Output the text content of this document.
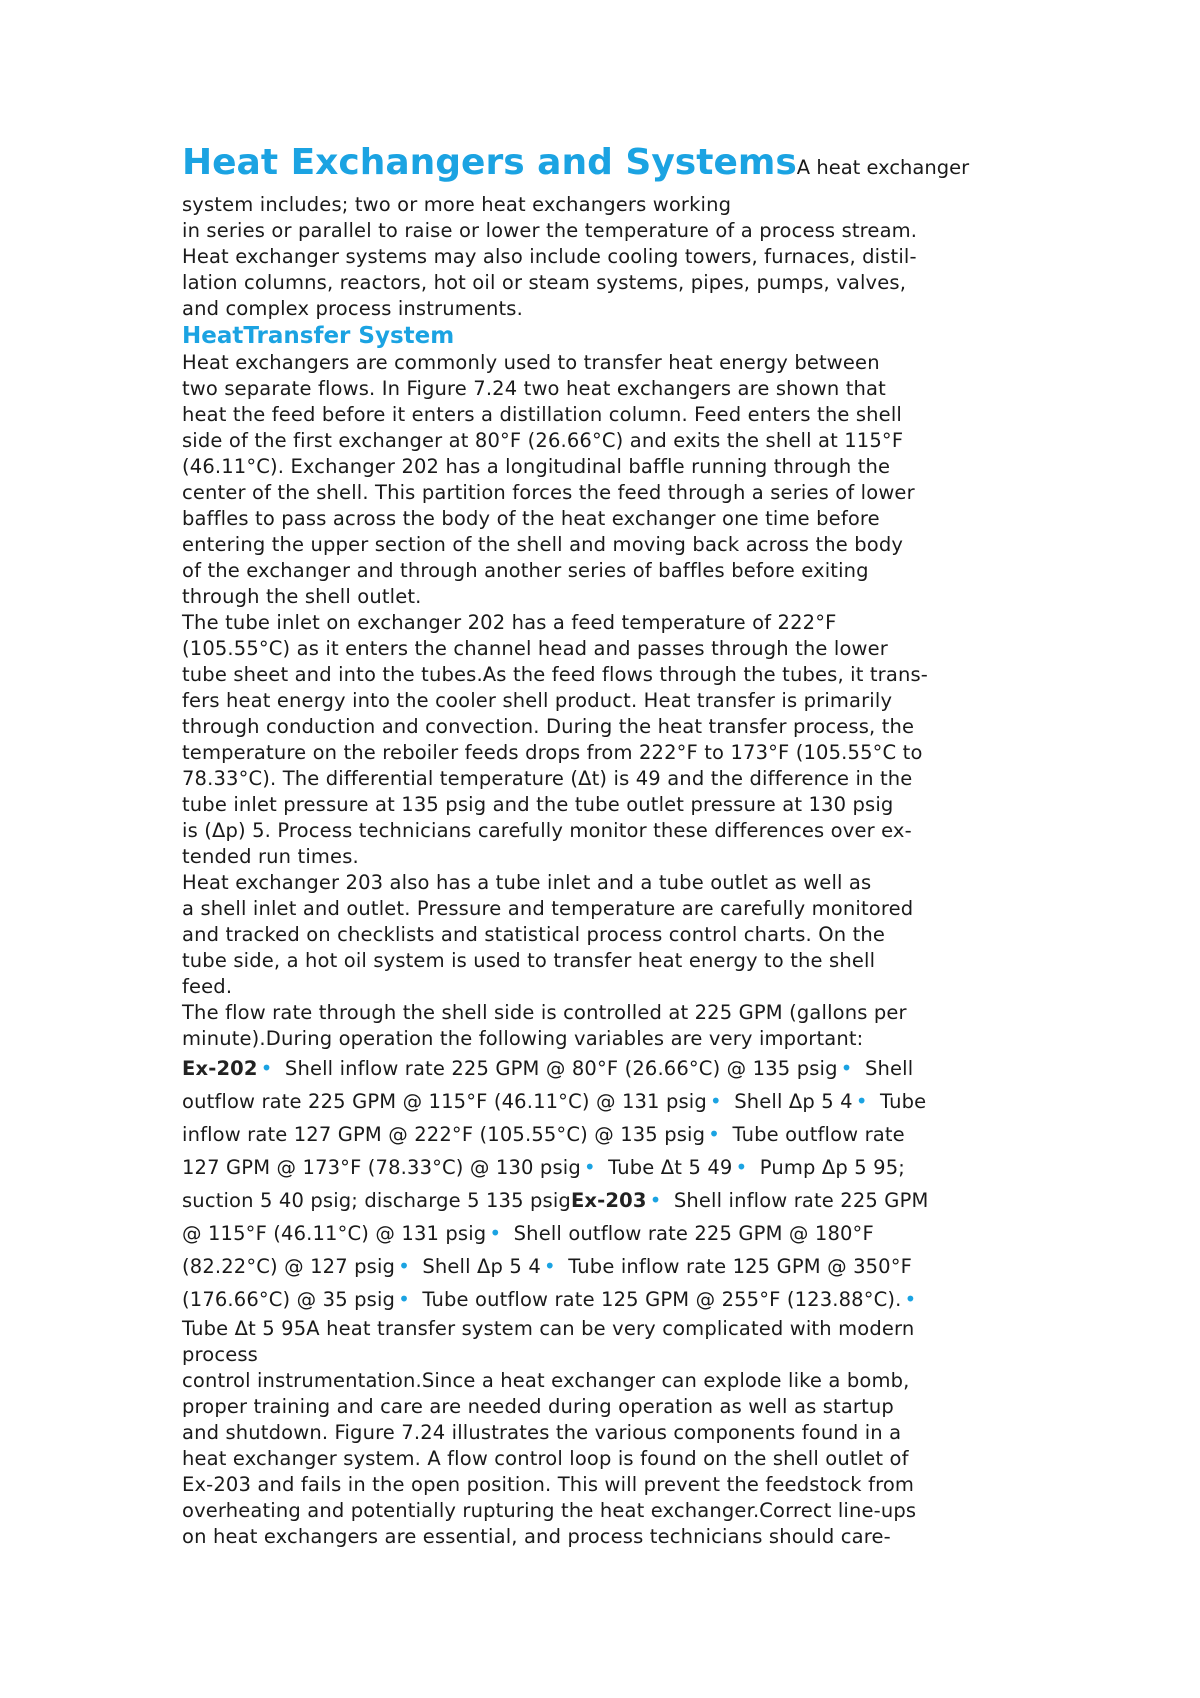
Heat Exchangers and SystemsA heat exchanger
system includes; two or more heat exchangers working
in series or parallel to raise or lower the temperature of a process stream.
Heat exchanger systems may also include cooling towers, furnaces, distil-
lation columns, reactors, hot oil or steam systems, pipes, pumps, valves,
and complex process instruments.
HeatTransfer System
Heat exchangers are commonly used to transfer heat energy between
two separate flows. In Figure 7.24 two heat exchangers are shown that
heat the feed before it enters a distillation column. Feed enters the shell
side of the first exchanger at 80°F (26.66°C) and exits the shell at 115°F
(46.11°C). Exchanger 202 has a longitudinal baffle running through the
center of the shell. This partition forces the feed through a series of lower
baffles to pass across the body of the heat exchanger one time before
entering the upper section of the shell and moving back across the body
of the exchanger and through another series of baffles before exiting
through the shell outlet.
The tube inlet on exchanger 202 has a feed temperature of 222°F
(105.55°C) as it enters the channel head and passes through the lower
tube sheet and into the tubes.As the feed flows through the tubes, it trans-
fers heat energy into the cooler shell product. Heat transfer is primarily
through conduction and convection. During the heat transfer process, the
temperature on the reboiler feeds drops from 222°F to 173°F (105.55°C to
78.33°C). The differential temperature (Δt) is 49 and the difference in the
tube inlet pressure at 135 psig and the tube outlet pressure at 130 psig
is (Δp) 5. Process technicians carefully monitor these differences over ex-
tended run times.
Heat exchanger 203 also has a tube inlet and a tube outlet as well as
a shell inlet and outlet. Pressure and temperature are carefully monitored
and tracked on checklists and statistical process control charts. On the
tube side, a hot oil system is used to transfer heat energy to the shell
feed.
The flow rate through the shell side is controlled at 225 GPM (gallons per
minute).During operation the following variables are very important:
Ex-202 • Shell inflow rate 225 GPM @ 80°F (26.66°C) @ 135 psig • Shell
outflow rate 225 GPM @ 115°F (46.11°C) @ 131 psig • Shell Δp 5 4 • Tube
inflow rate 127 GPM @ 222°F (105.55°C) @ 135 psig • Tube outflow rate
127 GPM @ 173°F (78.33°C) @ 130 psig • Tube Δt 5 49 • Pump Δp 5 95;
suction 5 40 psig; discharge 5 135 psigEx-203 • Shell inflow rate 225 GPM
@ 115°F (46.11°C) @ 131 psig • Shell outflow rate 225 GPM @ 180°F
(82.22°C) @ 127 psig • Shell Δp 5 4 • Tube inflow rate 125 GPM @ 350°F
(176.66°C) @ 35 psig • Tube outflow rate 125 GPM @ 255°F (123.88°C). •
Tube Δt 5 95A heat transfer system can be very complicated with modern
process
control instrumentation.Since a heat exchanger can explode like a bomb,
proper training and care are needed during operation as well as startup
and shutdown. Figure 7.24 illustrates the various components found in a
heat exchanger system. A flow control loop is found on the shell outlet of
Ex-203 and fails in the open position. This will prevent the feedstock from
overheating and potentially rupturing the heat exchanger.Correct line-ups
on heat exchangers are essential, and process technicians should care-
